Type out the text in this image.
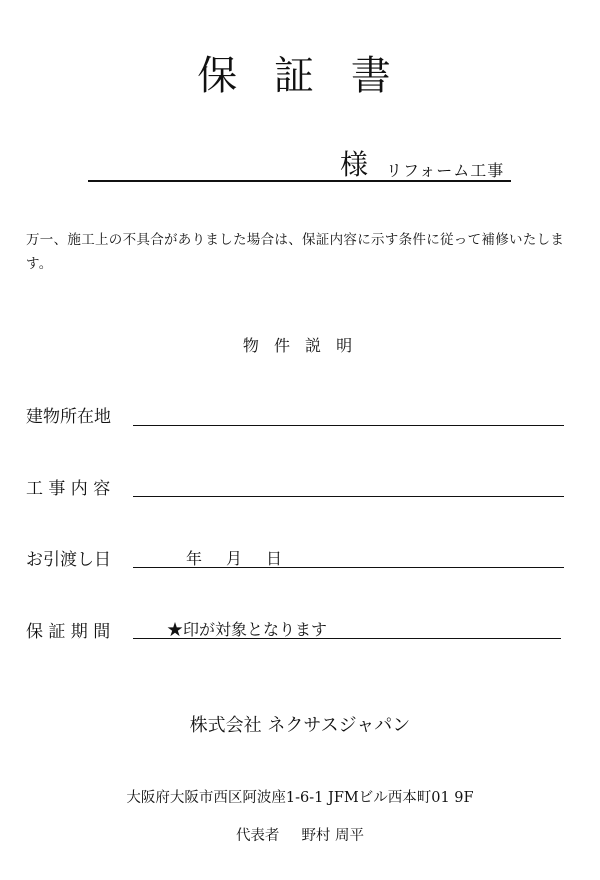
保 証 書
様 リフォーム工事
万一、施工上の不具合がありました場合は、保証内容に示す条件に従って補修いたします。
物 件 説 明
建物所在地
工 事 内 容
お引渡し日	年　月　日
保 証 期 間	★印が対象となります
株式会社 ネクサスジャパン
大阪府大阪市西区阿波座1-6-1 JFMビル西本町01 9F
代表者 野村 周平
